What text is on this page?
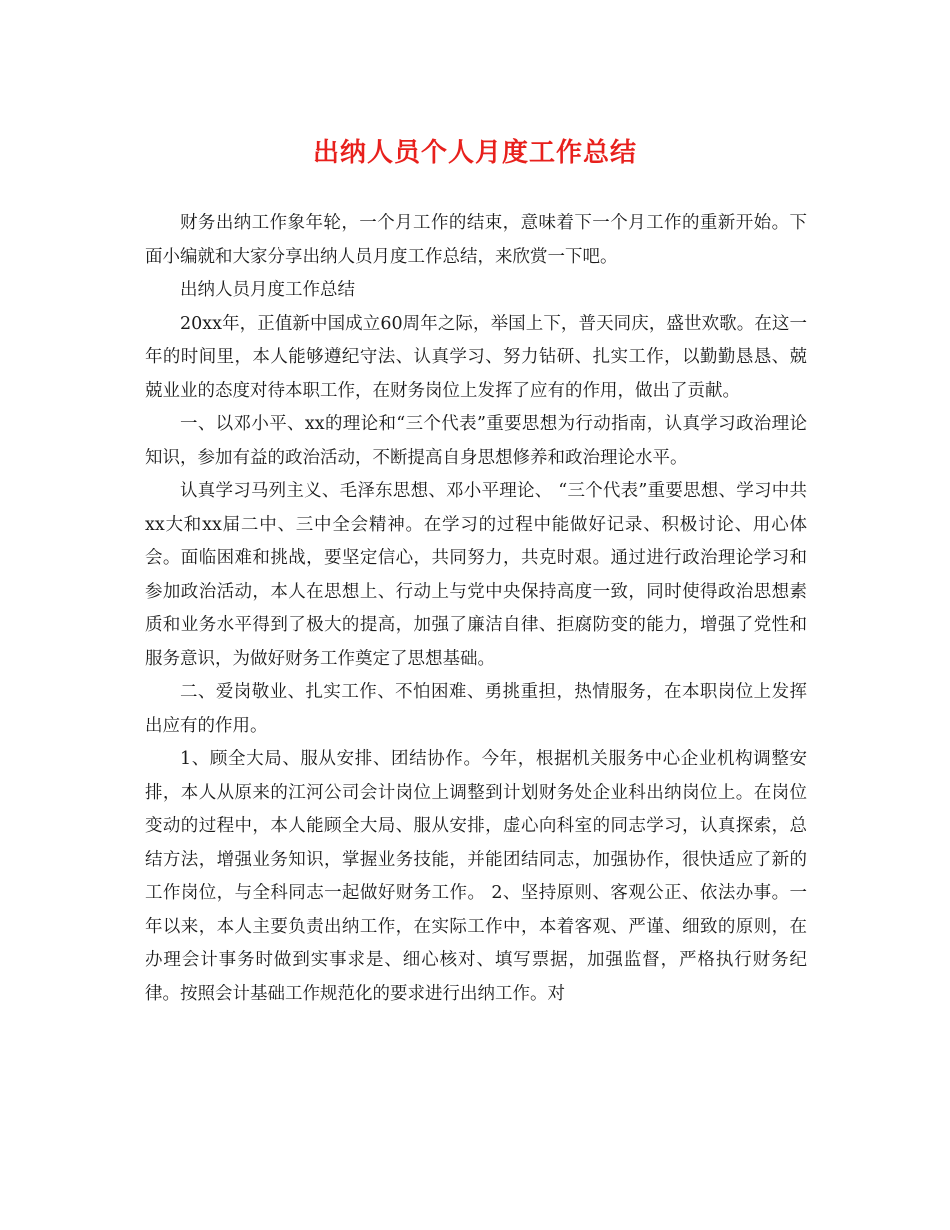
出纳人员个人月度工作总结

财务出纳工作象年轮，一个月工作的结束，意味着下一个月工作的重新开始。下面小编就和大家分享出纳人员月度工作总结，来欣赏一下吧。

出纳人员月度工作总结

20xx年，正值新中国成立60周年之际，举国上下，普天同庆，盛世欢歌。在这一年的时间里，本人能够遵纪守法、认真学习、努力钻研、扎实工作，以勤勤恳恳、兢兢业业的态度对待本职工作，在财务岗位上发挥了应有的作用，做出了贡献。

一、以邓小平、xx的理论和“三个代表”重要思想为行动指南，认真学习政治理论知识，参加有益的政治活动，不断提高自身思想修养和政治理论水平。

认真学习马列主义、毛泽东思想、邓小平理论、 “三个代表”重要思想、学习中共xx大和xx届二中、三中全会精神。在学习的过程中能做好记录、积极讨论、用心体会。面临困难和挑战，要坚定信心，共同努力，共克时艰。通过进行政治理论学习和参加政治活动，本人在思想上、行动上与党中央保持高度一致，同时使得政治思想素质和业务水平得到了极大的提高，加强了廉洁自律、拒腐防变的能力，增强了党性和服务意识，为做好财务工作奠定了思想基础。

二、爱岗敬业、扎实工作、不怕困难、勇挑重担，热情服务，在本职岗位上发挥出应有的作用。

1、顾全大局、服从安排、团结协作。今年，根据机关服务中心企业机构调整安排，本人从原来的江河公司会计岗位上调整到计划财务处企业科出纳岗位上。在岗位变动的过程中，本人能顾全大局、服从安排，虚心向科室的同志学习，认真探索，总结方法，增强业务知识，掌握业务技能，并能团结同志，加强协作，很快适应了新的工作岗位，与全科同志一起做好财务工作。 2、坚持原则、客观公正、依法办事。一年以来，本人主要负责出纳工作，在实际工作中，本着客观、严谨、细致的原则，在办理会计事务时做到实事求是、细心核对、填写票据，加强监督，严格执行财务纪律。按照会计基础工作规范化的要求进行出纳工作。对
